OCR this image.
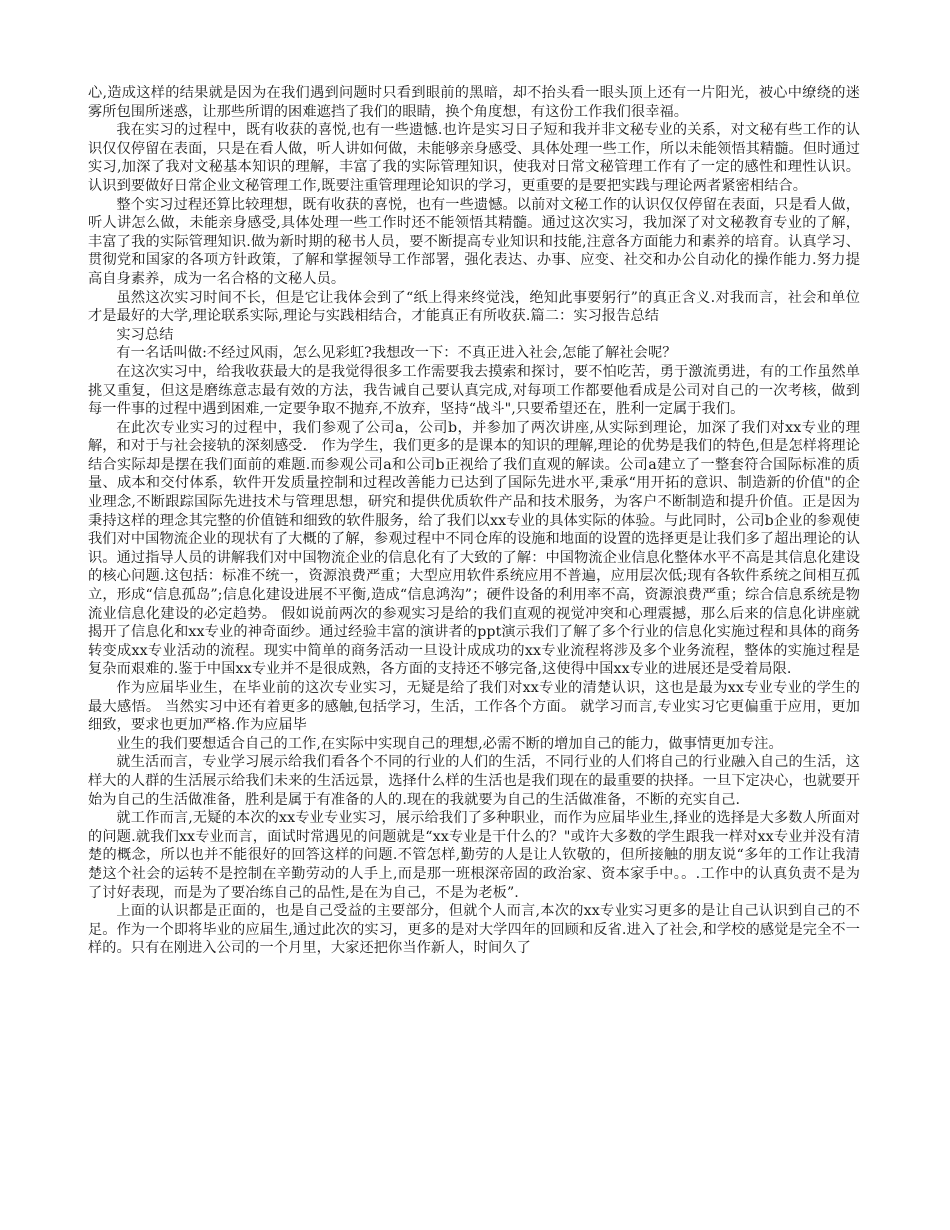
心,造成这样的结果就是因为在我们遇到问题时只看到眼前的黑暗，却不抬头看一眼头顶上还有一片阳光，被心中缭绕的迷雾所包围所迷惑，让那些所谓的困难遮挡了我们的眼睛，换个角度想，有这份工作我们很幸福。

我在实习的过程中，既有收获的喜悦,也有一些遗憾.也许是实习日子短和我并非文秘专业的关系，对文秘有些工作的认识仅仅停留在表面，只是在看人做，听人讲如何做，未能够亲身感受、具体处理一些工作，所以未能领悟其精髓。但时通过实习,加深了我对文秘基本知识的理解，丰富了我的实际管理知识，使我对日常文秘管理工作有了一定的感性和理性认识。认识到要做好日常企业文秘管理工作,既要注重管理理论知识的学习，更重要的是要把实践与理论两者紧密相结合。

整个实习过程还算比较理想，既有收获的喜悦，也有一些遗憾。以前对文秘工作的认识仅仅停留在表面，只是看人做，听人讲怎么做，未能亲身感受,具体处理一些工作时还不能领悟其精髓。通过这次实习，我加深了对文秘教育专业的了解，丰富了我的实际管理知识.做为新时期的秘书人员，要不断提高专业知识和技能,注意各方面能力和素养的培育。认真学习、贯彻党和国家的各项方针政策，了解和掌握领导工作部署，强化表达、办事、应变、社交和办公自动化的操作能力.努力提高自身素养，成为一名合格的文秘人员。

虽然这次实习时间不长，但是它让我体会到了“纸上得来终觉浅，绝知此事要躬行”的真正含义.对我而言，社会和单位才是最好的大学,理论联系实际,理论与实践相结合，才能真正有所收获.篇二：实习报告总结

实习总结

有一名话叫做:不经过风雨，怎么见彩虹?我想改一下：不真正进入社会,怎能了解社会呢？

在这次实习中，给我收获最大的是我觉得很多工作需要我去摸索和探讨，要不怕吃苦，勇于激流勇进，有的工作虽然单挑又重复，但这是磨练意志最有效的方法，我告诫自己要认真完成,对每项工作都要他看成是公司对自己的一次考核，做到每一件事的过程中遇到困难,一定要争取不抛弃,不放弃，坚持“战斗",只要希望还在，胜利一定属于我们。

在此次专业实习的过程中，我们参观了公司a，公司b，并参加了两次讲座,从实际到理论，加深了我们对xx专业的理解，和对于与社会接轨的深刻感受． 作为学生，我们更多的是课本的知识的理解,理论的优势是我们的特色,但是怎样将理论结合实际却是摆在我们面前的难题.而参观公司a和公司b正视给了我们直观的解读。公司a建立了一整套符合国际标准的质量、成本和交付体系，软件开发质量控制和过程改善能力已达到了国际先进水平,秉承“用开拓的意识、制造新的价值"的企业理念,不断跟踪国际先进技术与管理思想，研究和提供优质软件产品和技术服务，为客户不断制造和提升价值。正是因为秉持这样的理念其完整的价值链和细致的软件服务，给了我们以xx专业的具体实际的体验。与此同时，公司b企业的参观使我们对中国物流企业的现状有了大概的了解，参观过程中不同仓库的设施和地面的设置的选择更是让我们多了超出理论的认识。通过指导人员的讲解我们对中国物流企业的信息化有了大致的了解：中国物流企业信息化整体水平不高是其信息化建设的核心问题.这包括：标准不统一，资源浪费严重；大型应用软件系统应用不普遍，应用层次低;现有各软件系统之间相互孤立，形成“信息孤岛”;信息化建设进展不平衡,造成“信息鸿沟”；硬件设备的利用率不高，资源浪费严重；综合信息系统是物流业信息化建设的必定趋势。 假如说前两次的参观实习是给的我们直观的视觉冲突和心理震撼，那么后来的信息化讲座就揭开了信息化和xx专业的神奇面纱。通过经验丰富的演讲者的ppt演示我们了解了多个行业的信息化实施过程和具体的商务转变成xx专业活动的流程。现实中简单的商务活动一旦设计成成功的xx专业流程将涉及多个业务流程，整体的实施过程是复杂而艰难的.鉴于中国xx专业并不是很成熟，各方面的支持还不够完备,这使得中国xx专业的进展还是受着局限.

作为应届毕业生，在毕业前的这次专业实习，无疑是给了我们对xx专业的清楚认识，这也是最为xx专业专业的学生的最大感悟。 当然实习中还有着更多的感触,包括学习，生活，工作各个方面。 就学习而言,专业实习它更偏重于应用，更加细致，要求也更加严格.作为应届毕

业生的我们要想适合自己的工作,在实际中实现自己的理想,必需不断的增加自己的能力，做事情更加专注。

就生活而言，专业学习展示给我们看各个不同的行业的人们的生活，不同行业的人们将自己的行业融入自己的生活，这样大的人群的生活展示给我们未来的生活远景，选择什么样的生活也是我们现在的最重要的抉择。一旦下定决心，也就要开始为自己的生活做准备，胜利是属于有准备的人的.现在的我就要为自己的生活做准备，不断的充实自己.

就工作而言,无疑的本次的xx专业专业实习，展示给我们了多种职业，而作为应届毕业生,择业的选择是大多数人所面对的问题.就我们xx专业而言，面试时常遇见的问题就是“xx专业是干什么的？"或许大多数的学生跟我一样对xx专业并没有清楚的概念，所以也并不能很好的回答这样的问题.不管怎样,勤劳的人是让人钦敬的，但所接触的朋友说“多年的工作让我清楚这个社会的运转不是控制在辛勤劳动的人手上,而是那一班根深帝固的政治家、资本家手中。。.工作中的认真负责不是为了讨好表现，而是为了要冶练自己的品性,是在为自己，不是为老板”.

上面的认识都是正面的，也是自己受益的主要部分，但就个人而言,本次的xx专业实习更多的是让自己认识到自己的不足。作为一个即将毕业的应届生,通过此次的实习，更多的是对大学四年的回顾和反省.进入了社会,和学校的感觉是完全不一样的。只有在刚进入公司的一个月里，大家还把你当作新人，时间久了
